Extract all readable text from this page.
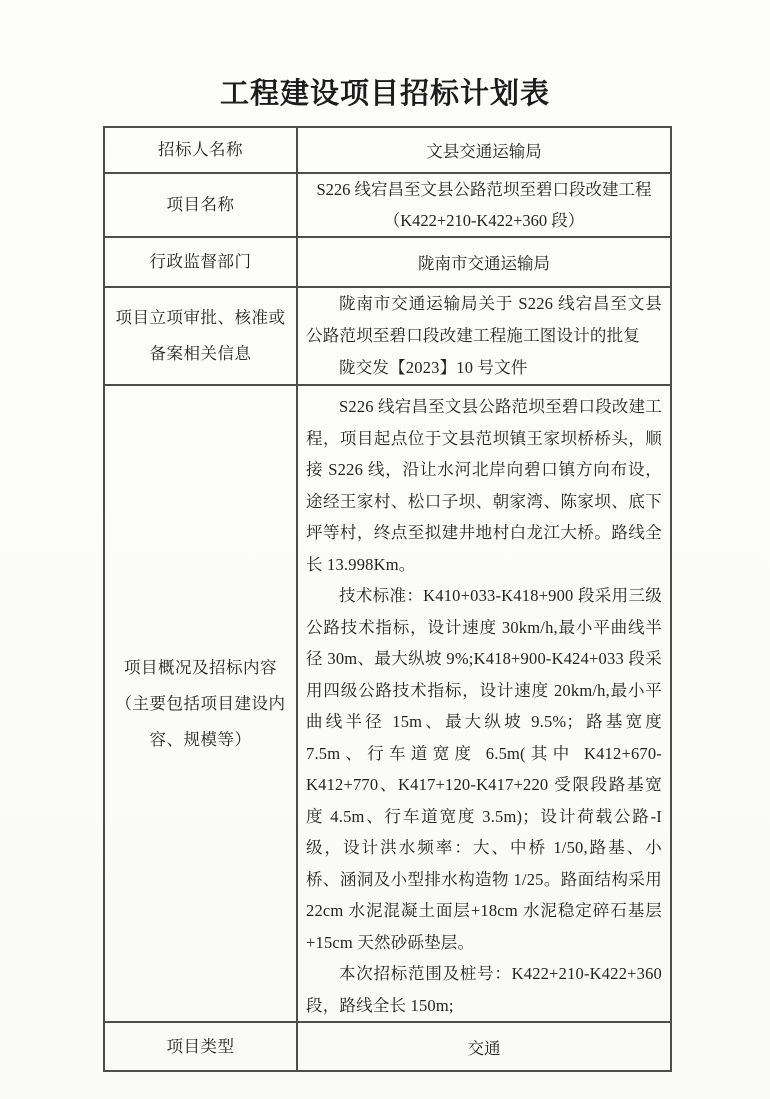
工程建设项目招标计划表
招标人名称	文县交通运输局
项目名称	S226 线宕昌至文县公路范坝至碧口段改建工程
（K422+210-K422+360 段）

行政监督部门	陇南市交通运输局
项目立项审批、核准或备案相关信息	陇南市交通运输局关于 S226 线宕昌至文县公路范坝至碧口段改建工程施工图设计的批复

陇交发【2023】10 号文件

项目概况及招标内容（主要包括项目建设内容、规模等）	S226 线宕昌至文县公路范坝至碧口段改建工程，项目起点位于文县范坝镇王家坝桥桥头，顺接 S226 线，沿让水河北岸向碧口镇方向布设，途经王家村、松口子坝、朝家湾、陈家坝、底下坪等村，终点至拟建井地村白龙江大桥。路线全长 13.998Km。

技术标准：K410+033-K418+900 段采用三级公路技术指标，设计速度 30km/h,最小平曲线半径 30m、最大纵坡 9%;K418+900-K424+033 段采用四级公路技术指标，设计速度 20km/h,最小平曲线半径 15m、最大纵坡 9.5%；路基宽度 7.5m、行车道宽度 6.5m(其中 K412+670-K412+770、K417+120-K417+220 受限段路基宽度 4.5m、行车道宽度 3.5m)；设计荷载公路-I 级，设计洪水频率：大、中桥 1/50,路基、小桥、涵洞及小型排水构造物 1/25。路面结构采用 22cm 水泥混凝土面层+18cm 水泥稳定碎石基层+15cm 天然砂砾垫层。

本次招标范围及桩号：K422+210-K422+360 段，路线全长 150m;

项目类型	交通
